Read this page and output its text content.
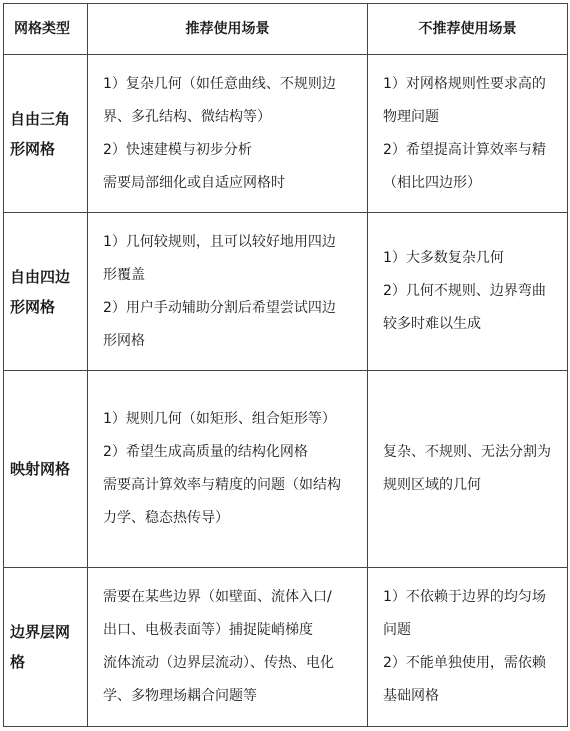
网格类型	推荐使用场景	不推荐使用场景

自由三角
形网格	1）复杂几何（如任意曲线、不规则边
界、多孔结构、微结构等）
2）快速建模与初步分析
需要局部细化或自适应网格时	1）对网格规则性要求高的
物理问题
2）希望提高计算效率与精
（相比四边形）

自由四边
形网格	1）几何较规则，且可以较好地用四边
形覆盖
2）用户手动辅助分割后希望尝试四边
形网格	1）大多数复杂几何
2）几何不规则、边界弯曲
较多时难以生成

映射网格	1）规则几何（如矩形、组合矩形等）
2）希望生成高质量的结构化网格
需要高计算效率与精度的问题（如结构
力学、稳态热传导）	复杂、不规则、无法分割为
规则区域的几何

边界层网
格	需要在某些边界（如壁面、流体入口/
出口、电极表面等）捕捉陡峭梯度
流体流动（边界层流动）、传热、电化
学、多物理场耦合问题等	1）不依赖于边界的均匀场
问题
2）不能单独使用，需依赖
基础网格
